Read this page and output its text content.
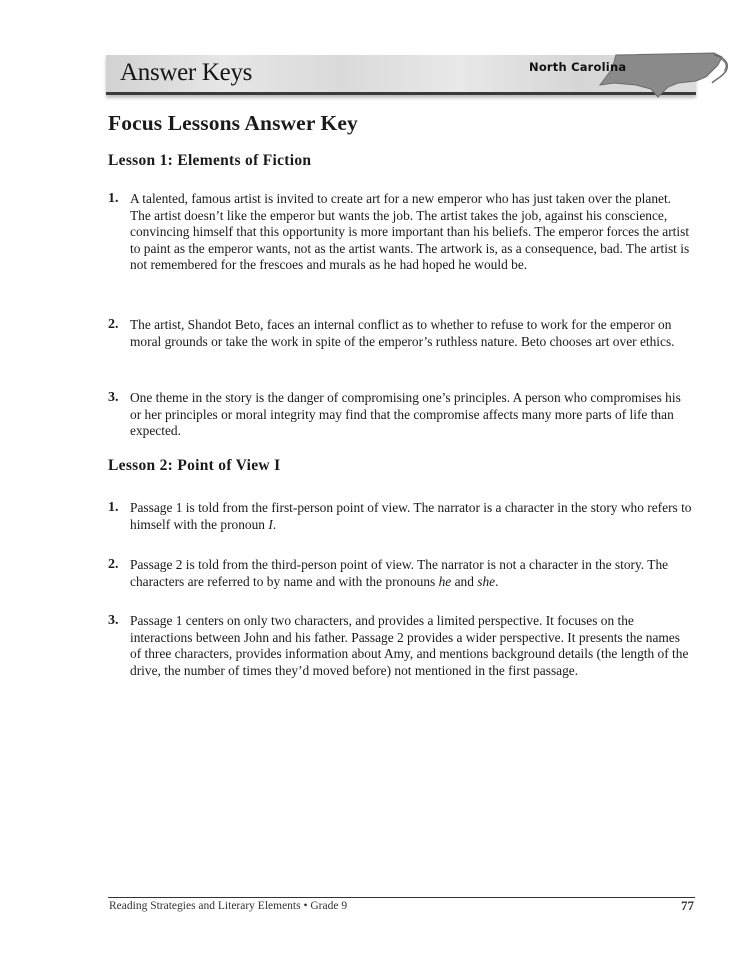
Answer Keys	North Carolina
Focus Lessons Answer Key
Lesson 1: Elements of Fiction
1. A talented, famous artist is invited to create art for a new emperor who has just taken over the planet. The artist doesn’t like the emperor but wants the job. The artist takes the job, against his conscience, convincing himself that this opportunity is more important than his beliefs. The emperor forces the artist to paint as the emperor wants, not as the artist wants. The artwork is, as a consequence, bad. The artist is not remembered for the frescoes and murals as he had hoped he would be.
2. The artist, Shandot Beto, faces an internal conflict as to whether to refuse to work for the emperor on moral grounds or take the work in spite of the emperor’s ruthless nature. Beto chooses art over ethics.
3. One theme in the story is the danger of compromising one’s principles. A person who compromises his or her principles or moral integrity may find that the compromise affects many more parts of life than expected.
Lesson 2: Point of View I
1. Passage 1 is told from the first-person point of view. The narrator is a character in the story who refers to himself with the pronoun I.
2. Passage 2 is told from the third-person point of view. The narrator is not a character in the story. The characters are referred to by name and with the pronouns he and she.
3. Passage 1 centers on only two characters, and provides a limited perspective. It focuses on the interactions between John and his father. Passage 2 provides a wider perspective. It presents the names of three characters, provides information about Amy, and mentions background details (the length of the drive, the number of times they’d moved before) not mentioned in the first passage.
Reading Strategies and Literary Elements • Grade 9	77
